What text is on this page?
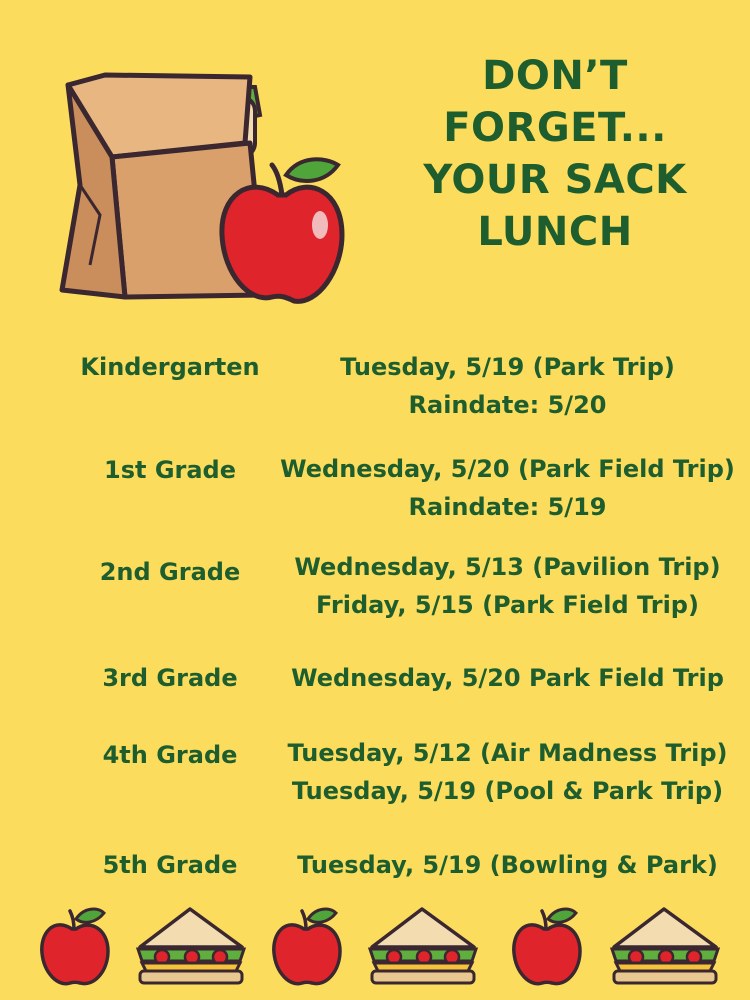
DON’T
FORGET...
YOUR SACK
LUNCH
Kindergarten	Tuesday, 5/19 (Park Trip)
Raindate: 5/20
1st Grade	Wednesday, 5/20 (Park Field Trip)
Raindate: 5/19
2nd Grade	Wednesday, 5/13 (Pavilion Trip)
Friday, 5/15 (Park Field Trip)
3rd Grade	Wednesday, 5/20 Park Field Trip
4th Grade	Tuesday, 5/12 (Air Madness Trip)
Tuesday, 5/19 (Pool & Park Trip)
5th Grade	Tuesday, 5/19 (Bowling & Park)
